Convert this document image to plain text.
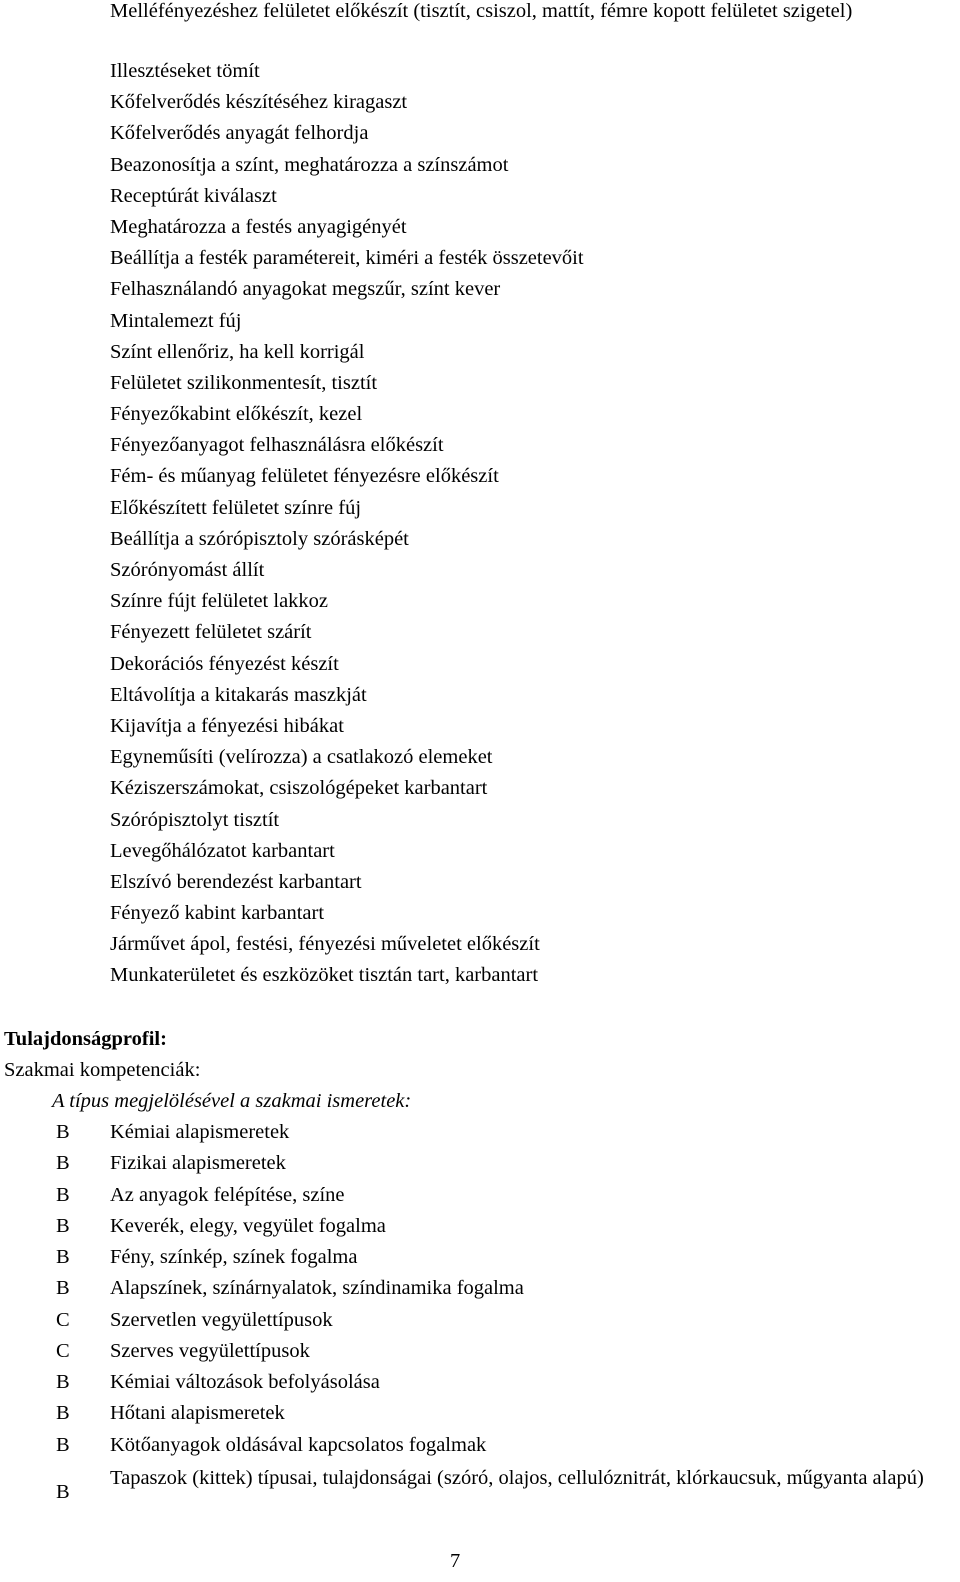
Melléfényezéshez felületet előkészít (tisztít, csiszol, mattít, fémre kopott felületet szigetel)
Illesztéseket tömít
Kőfelverődés készítéséhez kiragaszt
Kőfelverődés anyagát felhordja
Beazonosítja a színt, meghatározza a színszámot
Receptúrát kiválaszt
Meghatározza a festés anyagigényét
Beállítja a festék paramétereit, kiméri a festék összetevőit
Felhasználandó anyagokat megszűr, színt kever
Mintalemezt fúj
Színt ellenőriz, ha kell korrigál
Felületet szilikonmentesít, tisztít
Fényezőkabint előkészít, kezel
Fényezőanyagot felhasználásra előkészít
Fém- és műanyag felületet fényezésre előkészít
Előkészített felületet színre fúj
Beállítja a szórópisztoly szórásképét
Szórónyomást állít
Színre fújt felületet lakkoz
Fényezett felületet szárít
Dekorációs fényezést készít
Eltávolítja a kitakarás maszkját
Kijavítja a fényezési hibákat
Egyneműsíti (velírozza) a csatlakozó elemeket
Kéziszerszámokat, csiszológépeket karbantart
Szórópisztolyt tisztít
Levegőhálózatot karbantart
Elszívó berendezést karbantart
Fényező kabint karbantart
Járművet ápol, festési, fényezési műveletet előkészít
Munkaterületet és eszközöket tisztán tart, karbantart
Tulajdonságprofil:
Szakmai kompetenciák:
A típus megjelölésével a szakmai ismeretek:
B Kémiai alapismeretek
B Fizikai alapismeretek
B Az anyagok felépítése, színe
B Keverék, elegy, vegyület fogalma
B Fény, színkép, színek fogalma
B Alapszínek, színárnyalatok, színdinamika fogalma
C Szervetlen vegyülettípusok
C Szerves vegyülettípusok
B Kémiai változások befolyásolása
B Hőtani alapismeretek
B Kötőanyagok oldásával kapcsolatos fogalmak
B
Tapaszok (kittek) típusai, tulajdonságai (szóró, olajos, cellulóznitrát, klórkaucsuk, műgyanta alapú)
7
